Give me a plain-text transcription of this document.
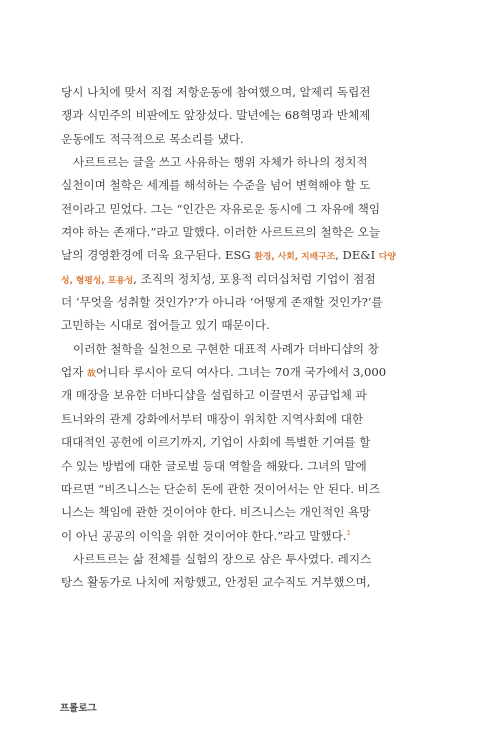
당시 나치에 맞서 직접 저항운동에 참여했으며, 알제리 독립전
쟁과 식민주의 비판에도 앞장섰다. 말년에는 68혁명과 반체제
운동에도 적극적으로 목소리를 냈다.
사르트르는 글을 쓰고 사유하는 행위 자체가 하나의 정치적
실천이며 철학은 세계를 해석하는 수준을 넘어 변혁해야 할 도
전이라고 믿었다. 그는 “인간은 자유로운 동시에 그 자유에 책임
져야 하는 존재다.”라고 말했다. 이러한 사르트르의 철학은 오늘
날의 경영환경에 더욱 요구된다. ESG 환경, 사회, 지배구조, DE&I 다양
성, 형평성, 포용성, 조직의 정치성, 포용적 리더십처럼 기업이 점점
더 ‘무엇을 성취할 것인가?’가 아니라 ‘어떻게 존재할 것인가?’를
고민하는 시대로 접어들고 있기 때문이다.
이러한 철학을 실천으로 구현한 대표적 사례가 더바디샵의 창
업자 故어니타 루시아 로딕 여사다. 그녀는 70개 국가에서 3,000
개 매장을 보유한 더바디샵을 설립하고 이끌면서 공급업체 파
트너와의 관계 강화에서부터 매장이 위치한 지역사회에 대한
대대적인 공헌에 이르기까지, 기업이 사회에 특별한 기여를 할
수 있는 방법에 대한 글로벌 등대 역할을 해왔다. 그녀의 말에
따르면 “비즈니스는 단순히 돈에 관한 것이어서는 안 된다. 비즈
니스는 책임에 관한 것이어야 한다. 비즈니스는 개인적인 욕망
이 아닌 공공의 이익을 위한 것이어야 한다.”라고 말했다.$^1$
사르트르는 삶 전체를 실험의 장으로 삼은 투사였다. 레지스
탕스 활동가로 나치에 저항했고, 안정된 교수직도 거부했으며,
프롤로그
